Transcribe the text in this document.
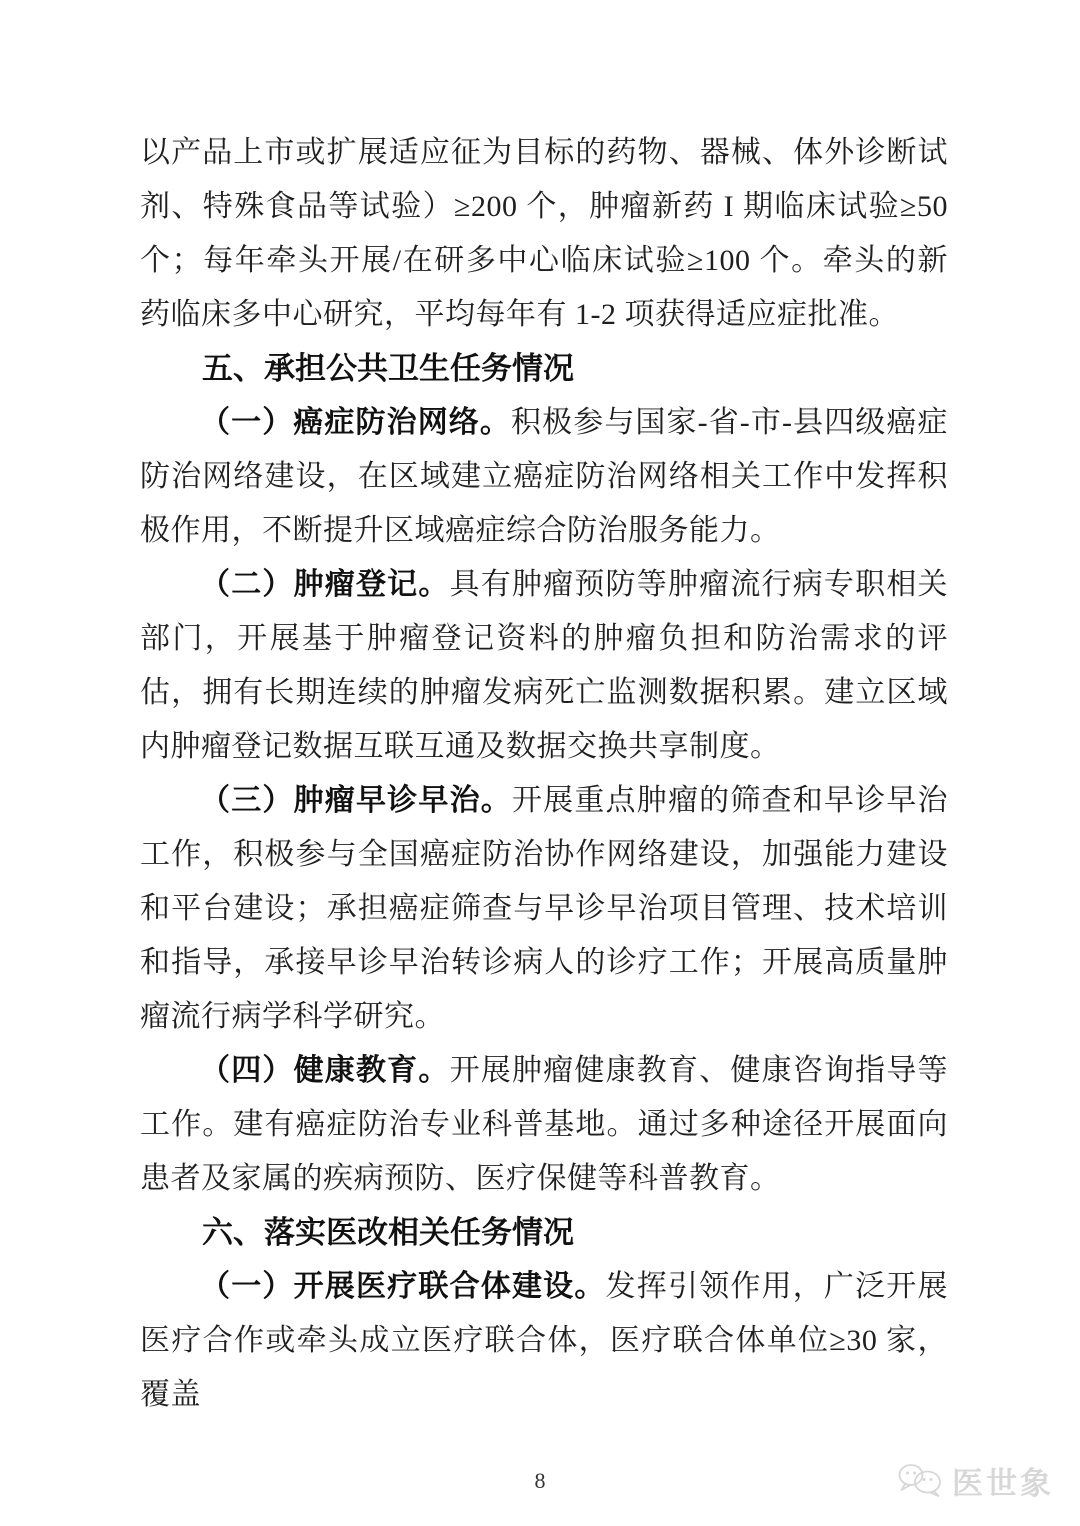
以产品上市或扩展适应征为目标的药物、器械、体外诊断试剂、特殊食品等试验）≥200 个，肿瘤新药 I 期临床试验≥50 个；每年牵头开展/在研多中心临床试验≥100 个。牵头的新药临床多中心研究，平均每年有 1-2 项获得适应症批准。

五、承担公共卫生任务情况

（一）癌症防治网络。积极参与国家-省-市-县四级癌症防治网络建设，在区域建立癌症防治网络相关工作中发挥积极作用，不断提升区域癌症综合防治服务能力。

（二）肿瘤登记。具有肿瘤预防等肿瘤流行病专职相关部门，开展基于肿瘤登记资料的肿瘤负担和防治需求的评估，拥有长期连续的肿瘤发病死亡监测数据积累。建立区域内肿瘤登记数据互联互通及数据交换共享制度。

（三）肿瘤早诊早治。开展重点肿瘤的筛查和早诊早治工作，积极参与全国癌症防治协作网络建设，加强能力建设和平台建设；承担癌症筛查与早诊早治项目管理、技术培训和指导，承接早诊早治转诊病人的诊疗工作；开展高质量肿瘤流行病学科学研究。

（四）健康教育。开展肿瘤健康教育、健康咨询指导等工作。建有癌症防治专业科普基地。通过多种途径开展面向患者及家属的疾病预防、医疗保健等科普教育。

六、落实医改相关任务情况

（一）开展医疗联合体建设。发挥引领作用，广泛开展医疗合作或牵头成立医疗联合体，医疗联合体单位≥30 家，覆盖

8	医世象
